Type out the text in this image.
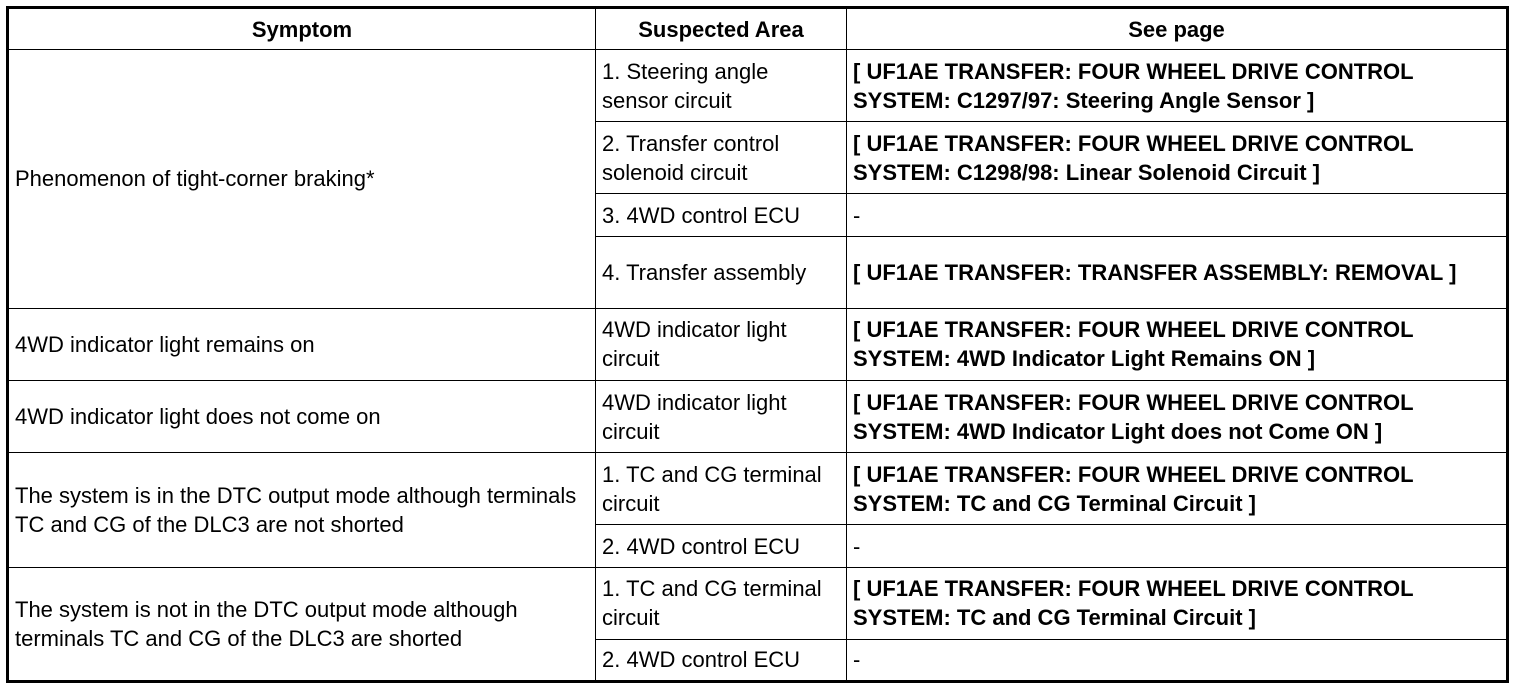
Symptom	Suspected Area	See page
Phenomenon of tight-corner braking*	1. Steering angle sensor circuit	[ UF1AE TRANSFER: FOUR WHEEL DRIVE CONTROL SYSTEM: C1297/97: Steering Angle Sensor ]
	2. Transfer control solenoid circuit	[ UF1AE TRANSFER: FOUR WHEEL DRIVE CONTROL SYSTEM: C1298/98: Linear Solenoid Circuit ]
	3. 4WD control ECU	-
	4. Transfer assembly	[ UF1AE TRANSFER: TRANSFER ASSEMBLY: REMOVAL ]
4WD indicator light remains on	4WD indicator light circuit	[ UF1AE TRANSFER: FOUR WHEEL DRIVE CONTROL SYSTEM: 4WD Indicator Light Remains ON ]
4WD indicator light does not come on	4WD indicator light circuit	[ UF1AE TRANSFER: FOUR WHEEL DRIVE CONTROL SYSTEM: 4WD Indicator Light does not Come ON ]
The system is in the DTC output mode although terminals TC and CG of the DLC3 are not shorted	1. TC and CG terminal circuit	[ UF1AE TRANSFER: FOUR WHEEL DRIVE CONTROL SYSTEM: TC and CG Terminal Circuit ]
	2. 4WD control ECU	-
The system is not in the DTC output mode although terminals TC and CG of the DLC3 are shorted	1. TC and CG terminal circuit	[ UF1AE TRANSFER: FOUR WHEEL DRIVE CONTROL SYSTEM: TC and CG Terminal Circuit ]
	2. 4WD control ECU	-
